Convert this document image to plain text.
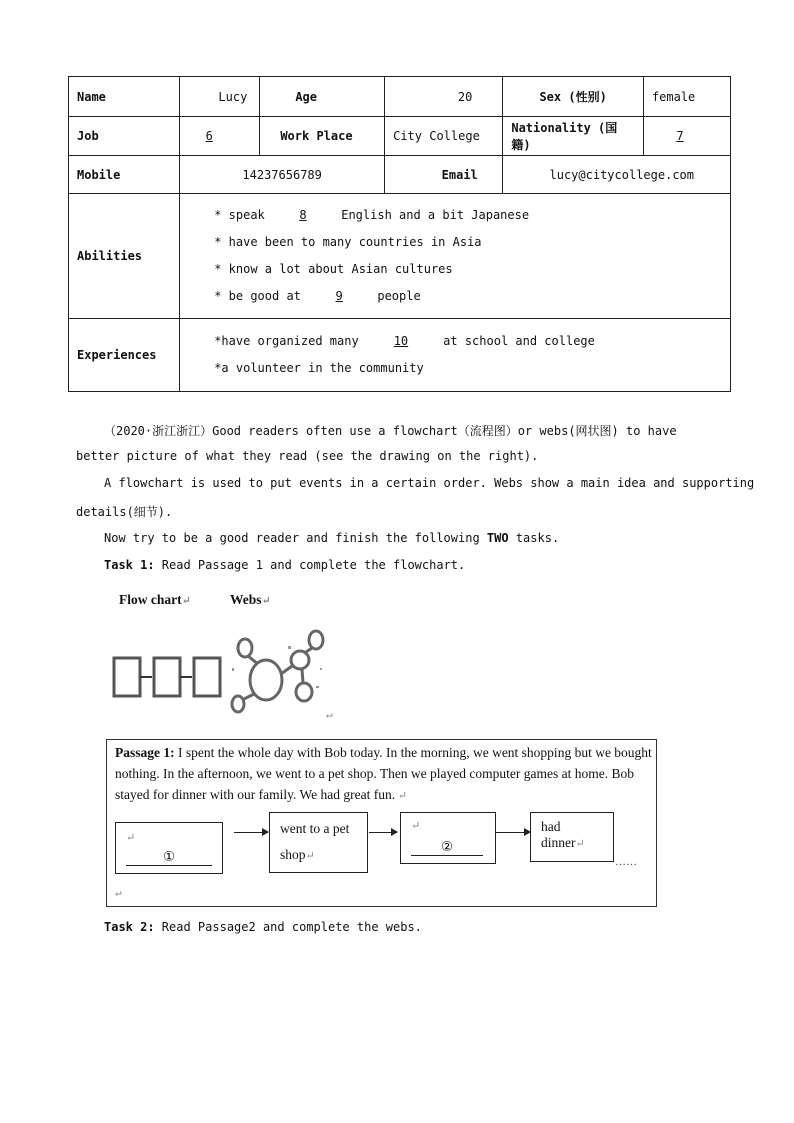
Name	Lucy	Age	20	Sex (性别)	female
Job	6	Work Place	City College	Nationality (国籍)	7
Mobile	14237656789		Email	lucy@citycollege.com	
Abilities	* speak 8 English and a bit Japanese
* have been to many countries in Asia
* know a lot about Asian cultures
* be good at 9 people				

Experiences	*have organized many 10 at school and college
*a volunteer in the community				
（2020·浙江浙江）Good readers often use a flowchart（流程图）or webs(网状图) to have
better picture of what they read (see the drawing on the right).
A flowchart is used to put events in a certain order. Webs show a main idea and supporting
details(细节).
Now try to be a good reader and finish the following TWO tasks.
Task 1: Read Passage 1 and complete the flowchart.
Flow chart↵	Webs↵
↵
Passage 1: I spent the whole day with Bob today. In the morning, we went shopping but we bought nothing. In the afternoon, we went to a pet shop. Then we played computer games at home. Bob stayed for dinner with our family. We had great fun. ↵
↵
①
went to a pet
shop↵
↵
②
had dinner↵
……
↵
Task 2: Read Passage2 and complete the webs.
